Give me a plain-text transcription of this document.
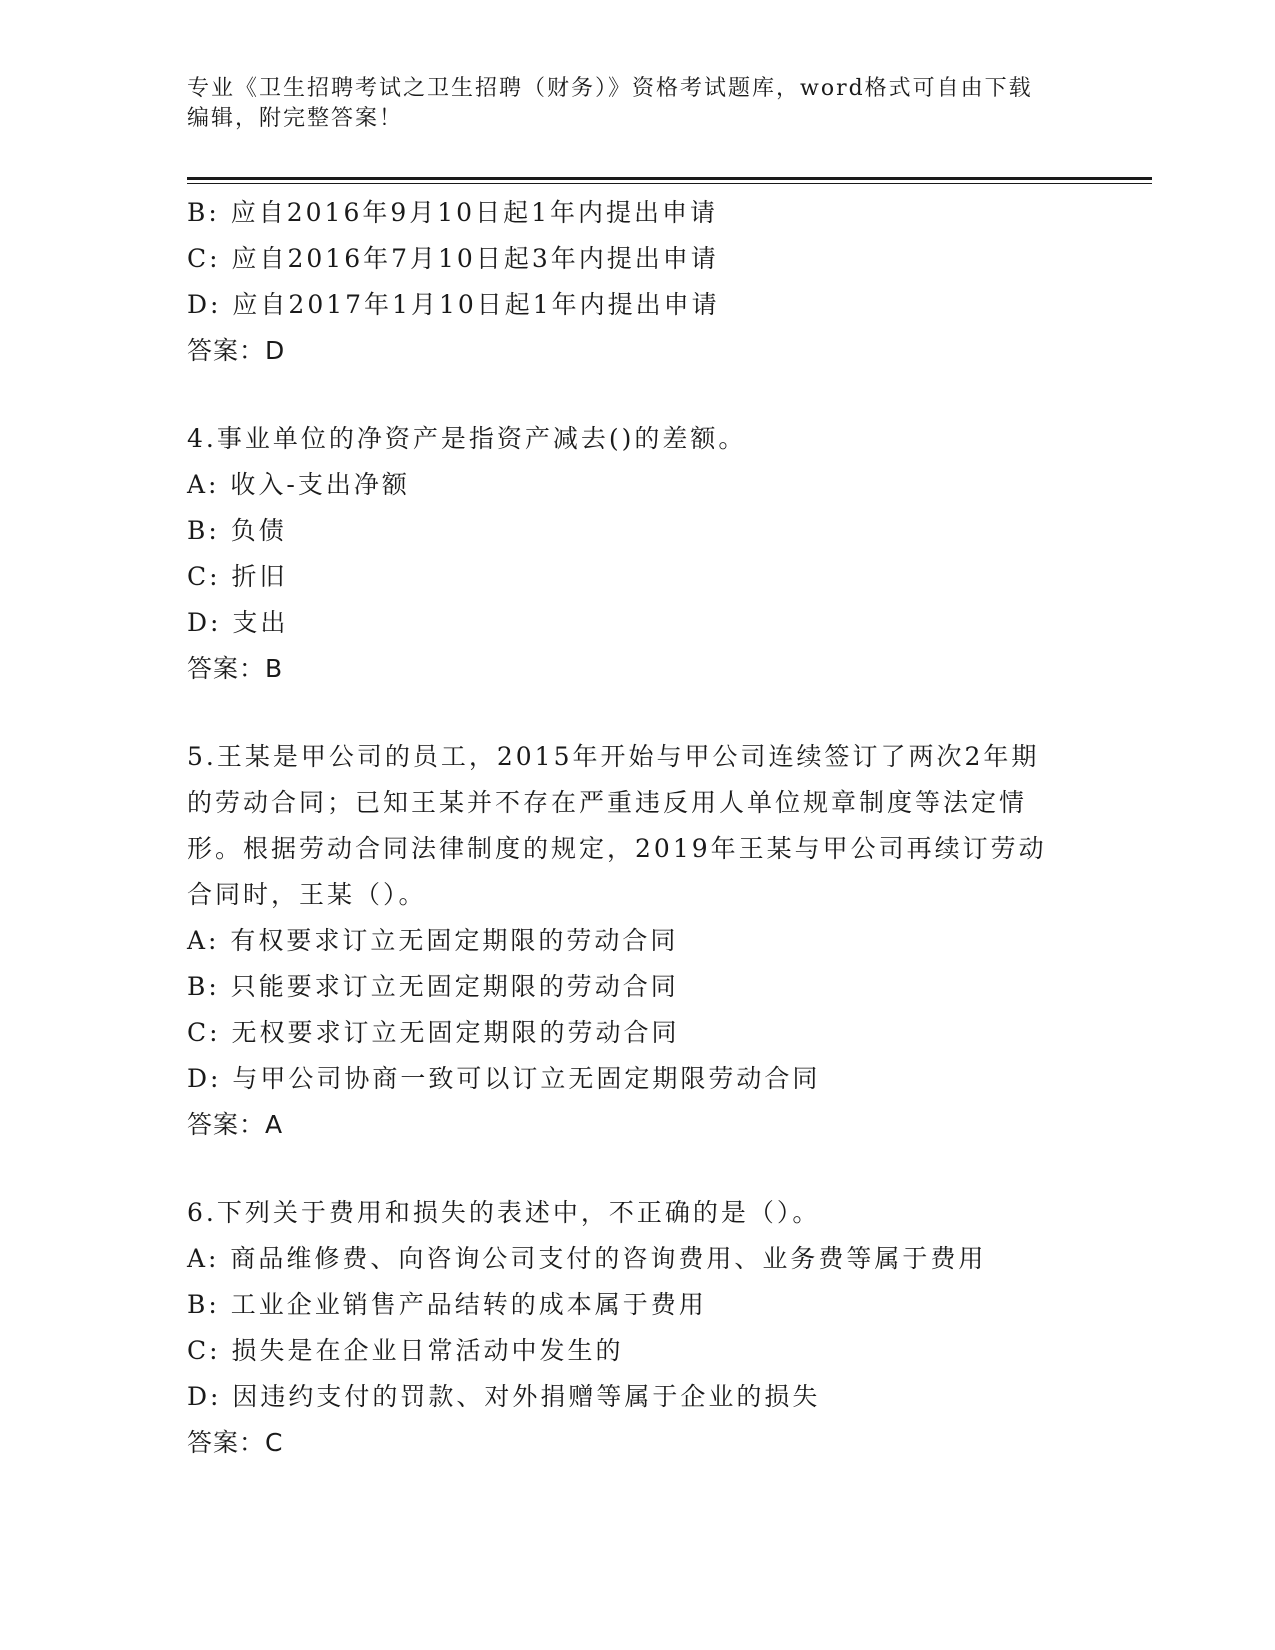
专业《卫生招聘考试之卫生招聘（财务）》资格考试题库，word格式可自由下载
编辑，附完整答案！
B: 应自2016年9月10日起1年内提出申请
C: 应自2016年7月10日起3年内提出申请
D: 应自2017年1月10日起1年内提出申请
答案：D
4.事业单位的净资产是指资产减去()的差额。
A: 收入-支出净额
B: 负债
C: 折旧
D: 支出
答案：B
5.王某是甲公司的员工，2015年开始与甲公司连续签订了两次2年期
的劳动合同；已知王某并不存在严重违反用人单位规章制度等法定情
形。根据劳动合同法律制度的规定，2019年王某与甲公司再续订劳动
合同时，王某（）。
A: 有权要求订立无固定期限的劳动合同
B: 只能要求订立无固定期限的劳动合同
C: 无权要求订立无固定期限的劳动合同
D: 与甲公司协商一致可以订立无固定期限劳动合同
答案：A
6.下列关于费用和损失的表述中，不正确的是（）。
A: 商品维修费、向咨询公司支付的咨询费用、业务费等属于费用
B: 工业企业销售产品结转的成本属于费用
C: 损失是在企业日常活动中发生的
D: 因违约支付的罚款、对外捐赠等属于企业的损失
答案：C
